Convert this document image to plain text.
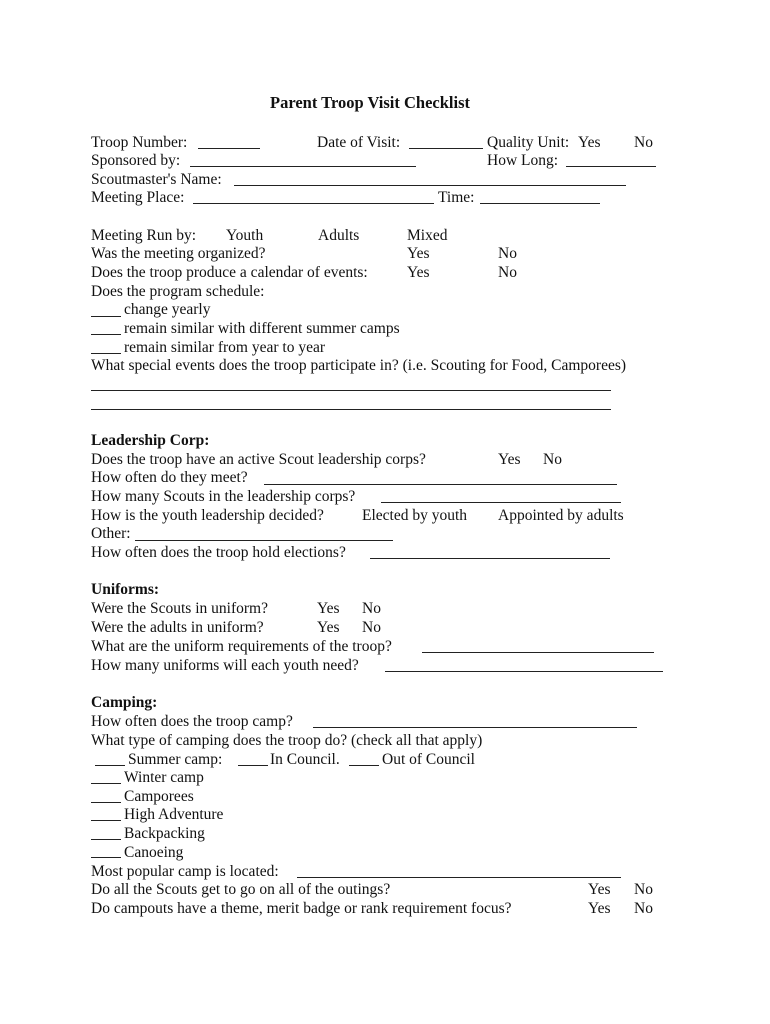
Parent Troop Visit Checklist
Troop Number:	Date of Visit:	Quality Unit: Yes No
Sponsored by:	How Long:
Scoutmaster's Name:
Meeting Place:	Time:
Meeting Run by: Youth	Adults	Mixed
Was the meeting organized?	Yes	No
Does the troop produce a calendar of events:	Yes	No
Does the program schedule:
change yearly
remain similar with different summer camps
remain similar from year to year
What special events does the troop participate in? (i.e. Scouting for Food, Camporees)
Leadership Corp:
Does the troop have an active Scout leadership corps?	Yes No
How often do they meet?
How many Scouts in the leadership corps?
How is the youth leadership decided? Elected by youth Appointed by adults
Other:
How often does the troop hold elections?
Uniforms:
Were the Scouts in uniform?	Yes No
Were the adults in uniform?	Yes No
What are the uniform requirements of the troop?
How many uniforms will each youth need?
Camping:
How often does the troop camp?
What type of camping does the troop do? (check all that apply)
Summer camp:	In Council.	Out of Council
Winter camp
Camporees
High Adventure
Backpacking
Canoeing
Most popular camp is located:
Do all the Scouts get to go on all of the outings?	Yes No
Do campouts have a theme, merit badge or rank requirement focus?	Yes No
